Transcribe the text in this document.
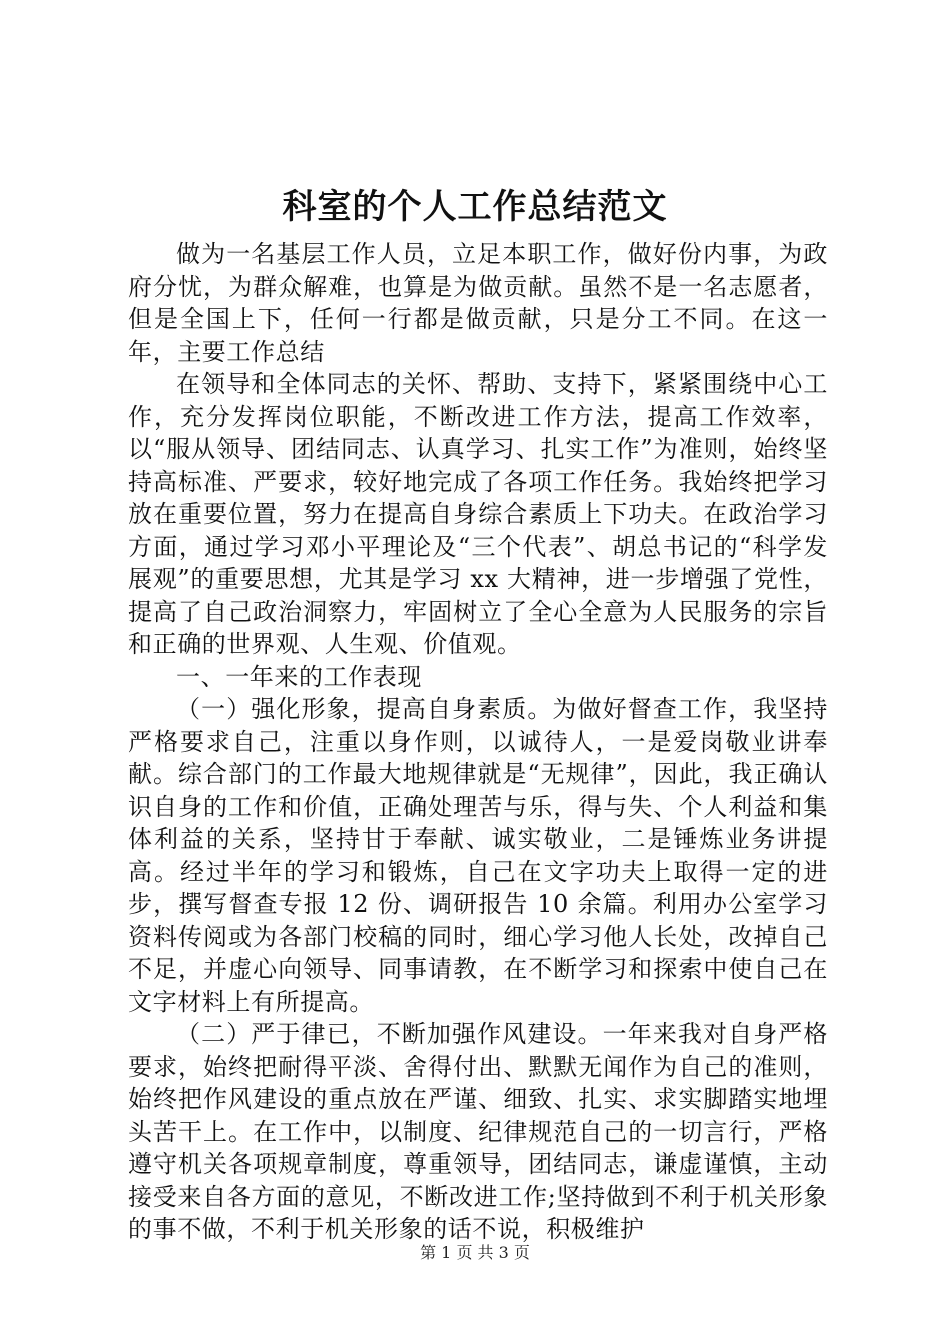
科室的个人工作总结范文

做为一名基层工作人员，立足本职工作，做好份内事，为政府分忧，为群众解难，也算是为做贡献。虽然不是一名志愿者，但是全国上下，任何一行都是做贡献，只是分工不同。在这一年，主要工作总结

在领导和全体同志的关怀、帮助、支持下，紧紧围绕中心工作，充分发挥岗位职能，不断改进工作方法，提高工作效率，以“服从领导、团结同志、认真学习、扎实工作”为准则，始终坚持高标准、严要求，较好地完成了各项工作任务。我始终把学习放在重要位置，努力在提高自身综合素质上下功夫。在政治学习方面，通过学习邓小平理论及“三个代表”、胡总书记的“科学发展观”的重要思想，尤其是学习 xx 大精神，进一步增强了党性，提高了自己政治洞察力，牢固树立了全心全意为人民服务的宗旨和正确的世界观、人生观、价值观。

一、一年来的工作表现

（一）强化形象，提高自身素质。为做好督查工作，我坚持严格要求自己，注重以身作则，以诚待人，一是爱岗敬业讲奉献。综合部门的工作最大地规律就是“无规律”，因此，我正确认识自身的工作和价值，正确处理苦与乐，得与失、个人利益和集体利益的关系，坚持甘于奉献、诚实敬业，二是锤炼业务讲提高。经过半年的学习和锻炼，自己在文字功夫上取得一定的进步，撰写督查专报 12 份、调研报告 10 余篇。利用办公室学习资料传阅或为各部门校稿的同时，细心学习他人长处，改掉自己不足，并虚心向领导、同事请教，在不断学习和探索中使自己在文字材料上有所提高。

（二）严于律已，不断加强作风建设。一年来我对自身严格要求，始终把耐得平淡、舍得付出、默默无闻作为自己的准则，始终把作风建设的重点放在严谨、细致、扎实、求实脚踏实地埋头苦干上。在工作中，以制度、纪律规范自己的一切言行，严格遵守机关各项规章制度，尊重领导，团结同志，谦虚谨慎，主动接受来自各方面的意见，不断改进工作;坚持做到不利于机关形象的事不做，不利于机关形象的话不说，积极维护

第 1 页 共 3 页
